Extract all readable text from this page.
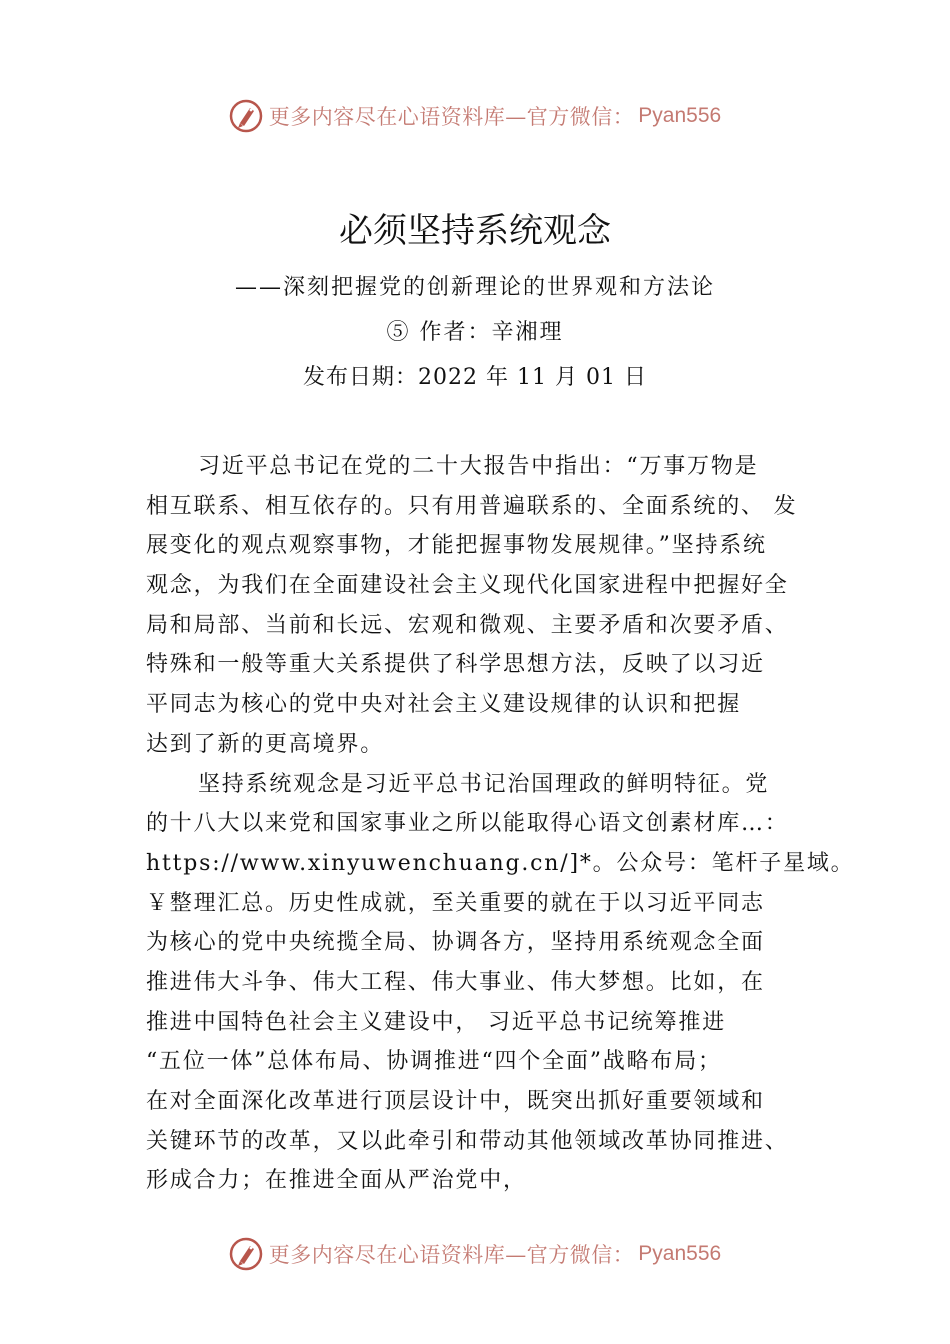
更多内容尽在心语资料库—官方微信： Pyan556
必须坚持系统观念
——深刻把握党的创新理论的世界观和方法论
⑤ 作者：辛湘理
发布日期：2022 年 11 月 01 日
习近平总书记在党的二十大报告中指出：“万事万物是
相互联系、相互依存的。只有用普遍联系的、全面系统的、 发
展变化的观点观察事物，才能把握事物发展规律。”坚持系统
观念，为我们在全面建设社会主义现代化国家进程中把握好全
局和局部、当前和长远、宏观和微观、主要矛盾和次要矛盾、
特殊和一般等重大关系提供了科学思想方法，反映了以习近
平同志为核心的党中央对社会主义建设规律的认识和把握
达到了新的更高境界。
坚持系统观念是习近平总书记治国理政的鲜明特征。党
的十八大以来党和国家事业之所以能取得心语文创素材库…：
https://www.xinyuwenchuang.cn/]*。公众号：笔杆子星域。
￥整理汇总。历史性成就，至关重要的就在于以习近平同志
为核心的党中央统揽全局、协调各方，坚持用系统观念全面
推进伟大斗争、伟大工程、伟大事业、伟大梦想。比如，在
推进中国特色社会主义建设中， 习近平总书记统筹推进
“五位一体”总体布局、协调推进“四个全面”战略布局；
在对全面深化改革进行顶层设计中，既突出抓好重要领域和
关键环节的改革，又以此牵引和带动其他领域改革协同推进、
形成合力；在推进全面从严治党中，
更多内容尽在心语资料库—官方微信： Pyan556
